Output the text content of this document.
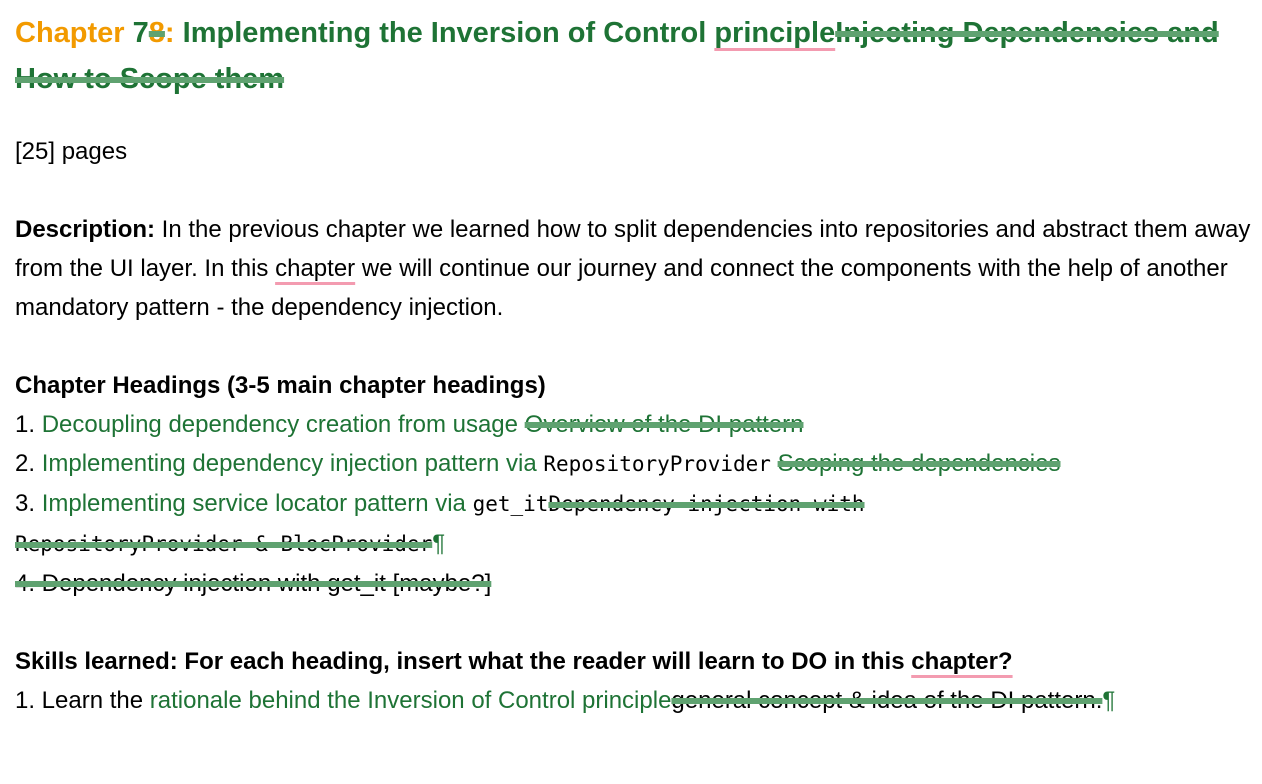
Chapter 78: Implementing the Inversion of Control principleInjecting Dependencies and How to Scope them

[25] pages

Description: In the previous chapter we learned how to split dependencies into repositories and abstract them away from the UI layer. In this chapter we will continue our journey and connect the components with the help of another mandatory pattern - the dependency injection.

Chapter Headings (3-5 main chapter headings)

1. Decoupling dependency creation from usage Overview of the DI pattern

2. Implementing dependency injection pattern via RepositoryProvider Scoping the dependencies

3. Implementing service locator pattern via get_itDependency injection with RepositoryProvider & BlocProvider¶

4. Dependency injection with get_it [maybe?]

Skills learned: For each heading, insert what the reader will learn to DO in this chapter?

1. Learn the rationale behind the Inversion of Control principlegeneral concept & idea of the DI pattern.¶
